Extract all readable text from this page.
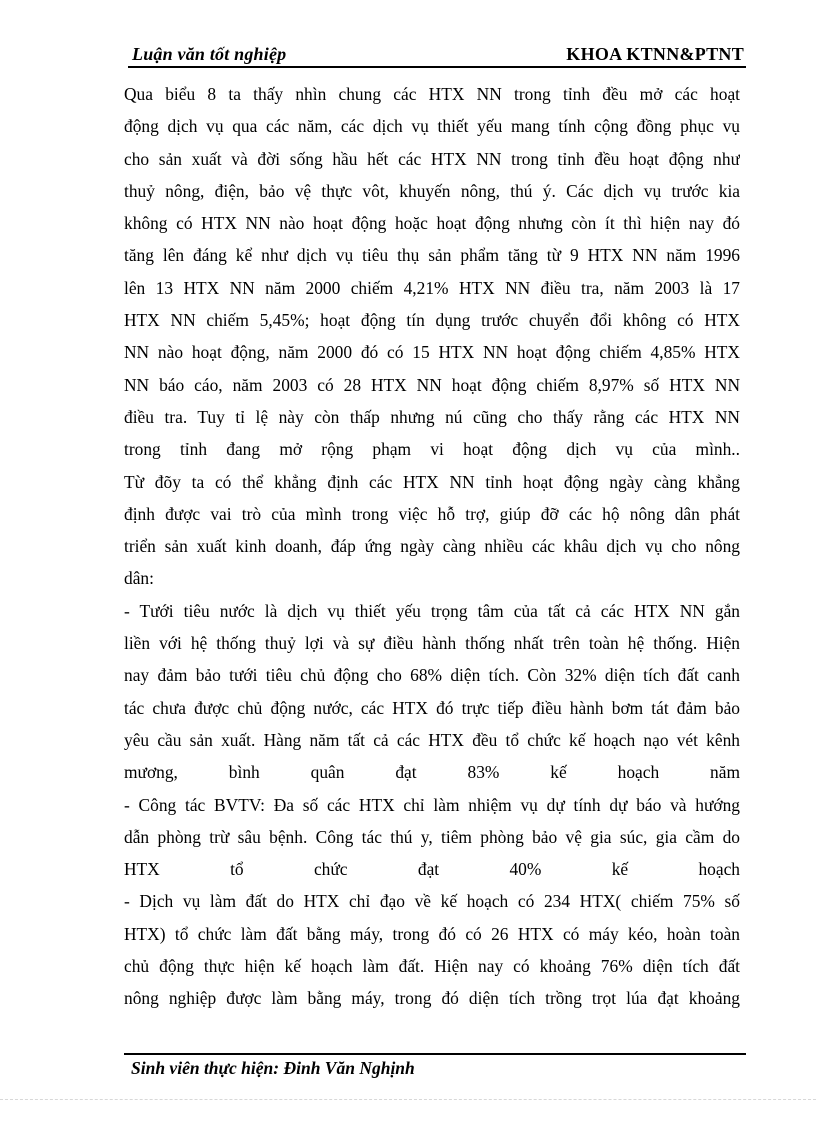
Luận văn tốt nghiệp	KHOA KTNN&PTNT
Qua biểu 8 ta thấy nhìn chung các HTX NN trong tỉnh đều mở các hoạt
động dịch vụ qua các năm, các dịch vụ thiết yếu mang tính cộng đồng phục vụ
cho sản xuất và đời sống hầu hết các HTX NN trong tỉnh đều hoạt động như
thuỷ nông, điện, bảo vệ thực vôt, khuyến nông, thú ý. Các dịch vụ trước kia
không có HTX NN nào hoạt động hoặc hoạt động nhưng còn ít thì hiện nay đó
tăng lên đáng kể như dịch vụ tiêu thụ sản phẩm tăng từ 9 HTX NN năm 1996
lên 13 HTX NN năm 2000 chiếm 4,21% HTX NN điều tra, năm 2003 là 17
HTX NN chiếm 5,45%; hoạt động tín dụng trước chuyển đổi không có HTX
NN nào hoạt động, năm 2000 đó có 15 HTX NN hoạt động chiếm 4,85% HTX
NN báo cáo, năm 2003 có 28 HTX NN hoạt động chiếm 8,97% số HTX NN
điều tra. Tuy tỉ lệ này còn thấp nhưng nú cũng cho thấy rằng các HTX NN
trong tỉnh đang mở rộng phạm vi hoạt động dịch vụ của mình..
Từ đõy ta có thể khẳng định các HTX NN tỉnh hoạt động ngày càng khẳng
định được vai trò của mình trong việc hỗ trợ, giúp đỡ các hộ nông dân phát
triển sản xuất kinh doanh, đáp ứng ngày càng nhiều các khâu dịch vụ cho nông
dân:
- Tưới tiêu nước là dịch vụ thiết yếu trọng tâm của tất cả các HTX NN gắn
liền với hệ thống thuỷ lợi và sự điều hành thống nhất trên toàn hệ thống. Hiện
nay đảm bảo tưới tiêu chủ động cho 68% diện tích. Còn 32% diện tích đất canh
tác chưa được chủ động nước, các HTX đó trực tiếp điều hành bơm tát đảm bảo
yêu cầu sản xuất. Hàng năm tất cả các HTX đều tổ chức kế hoạch nạo vét kênh
mương, bình quân đạt 83% kế hoạch năm
- Công tác BVTV: Đa số các HTX chỉ làm nhiệm vụ dự tính dự báo và hướng
dẫn phòng trừ sâu bệnh. Công tác thú y, tiêm phòng bảo vệ gia súc, gia cầm do
HTX tổ chức đạt 40% kế hoạch
- Dịch vụ làm đất do HTX chỉ đạo về kế hoạch có 234 HTX( chiếm 75% số
HTX) tổ chức làm đất bằng máy, trong đó có 26 HTX có máy kéo, hoàn toàn
chủ động thực hiện kế hoạch làm đất. Hiện nay có khoảng 76% diện tích đất
nông nghiệp được làm bằng máy, trong đó diện tích trồng trọt lúa đạt khoảng
Sinh viên thực hiện: Đinh Văn Nghịnh
